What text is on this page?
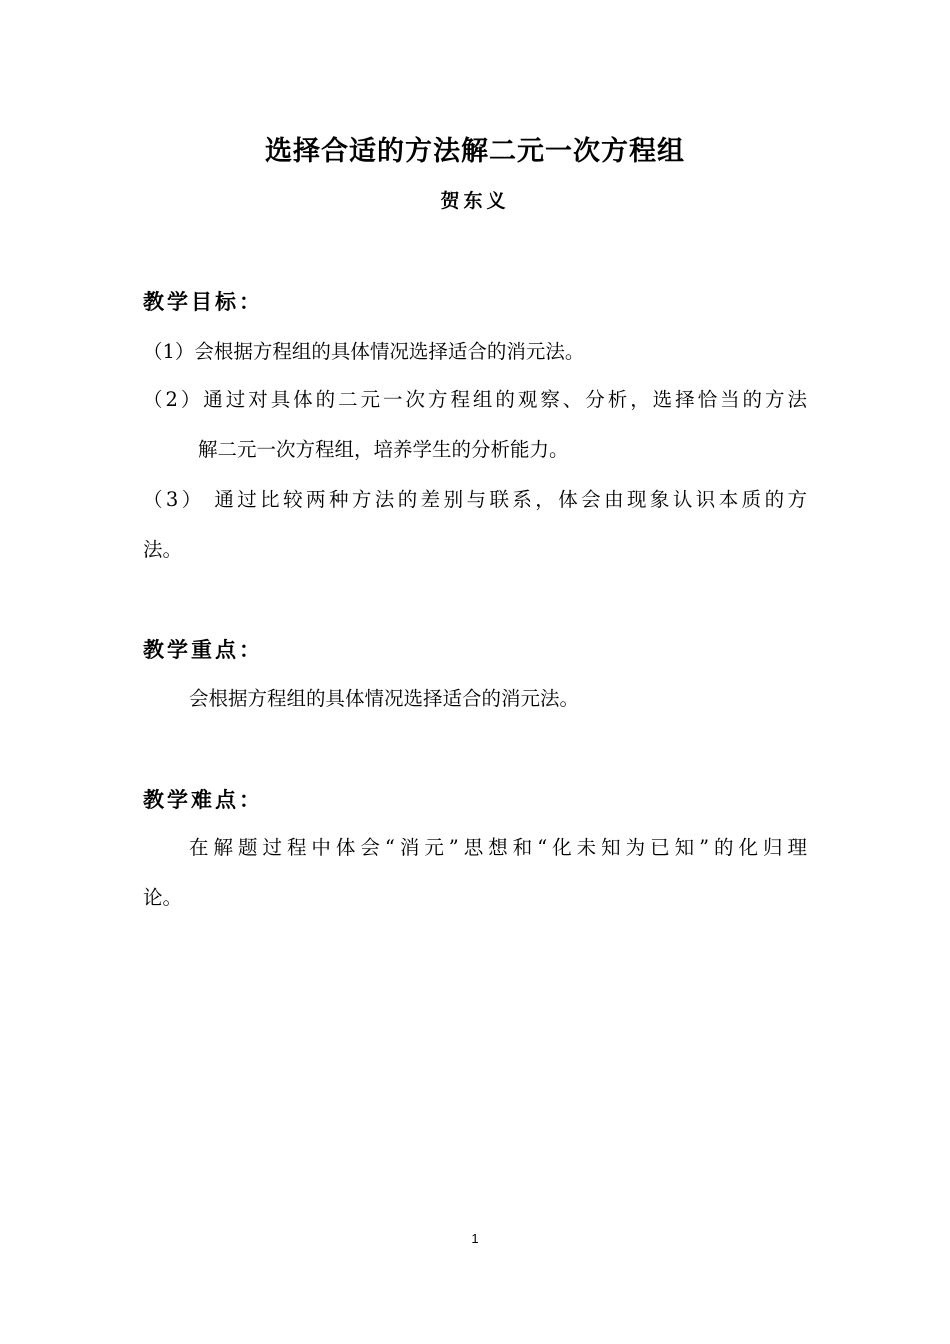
选择合适的方法解二元一次方程组
贺东义
教学目标：
（1）会根据方程组的具体情况选择适合的消元法。
（2）通过对具体的二元一次方程组的观察、分析，选择恰当的方法
解二元一次方程组，培养学生的分析能力。
（3） 通过比较两种方法的差别与联系，体会由现象认识本质的方
法。
教学重点：
会根据方程组的具体情况选择适合的消元法。
教学难点：
在解题过程中体会“消元”思想和“化未知为已知”的化归理
论。
1
